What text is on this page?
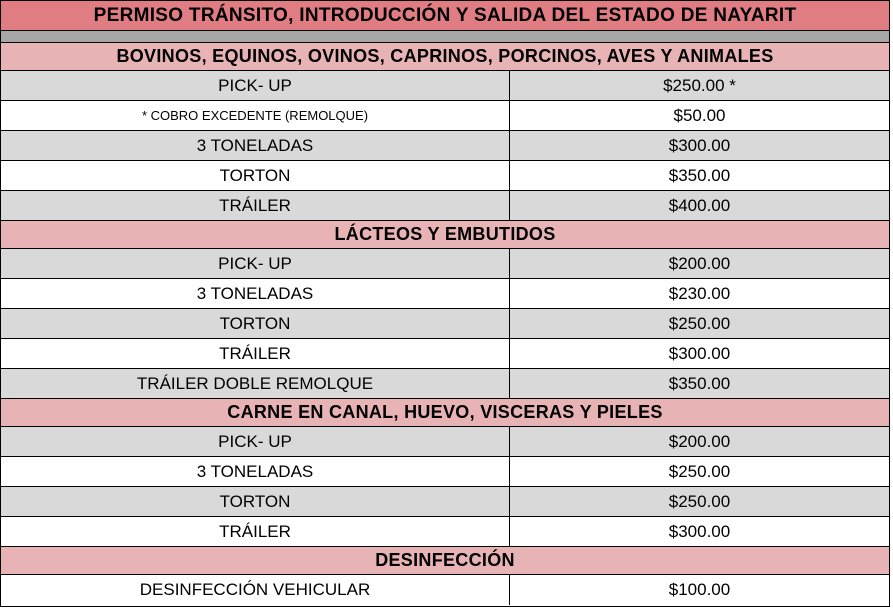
PERMISO TRÁNSITO, INTRODUCCIÓN Y SALIDA DEL ESTADO DE NAYARIT
BOVINOS, EQUINOS, OVINOS, CAPRINOS, PORCINOS, AVES Y ANIMALES
PICK- UP	$250.00 *
* COBRO EXCEDENTE (REMOLQUE)	$50.00
3 TONELADAS	$300.00
TORTON	$350.00
TRÁILER	$400.00
LÁCTEOS Y EMBUTIDOS
PICK- UP	$200.00
3 TONELADAS	$230.00
TORTON	$250.00
TRÁILER	$300.00
TRÁILER DOBLE REMOLQUE	$350.00
CARNE EN CANAL, HUEVO, VISCERAS Y PIELES
PICK- UP	$200.00
3 TONELADAS	$250.00
TORTON	$250.00
TRÁILER	$300.00
DESINFECCIÓN
DESINFECCIÓN VEHICULAR	$100.00
